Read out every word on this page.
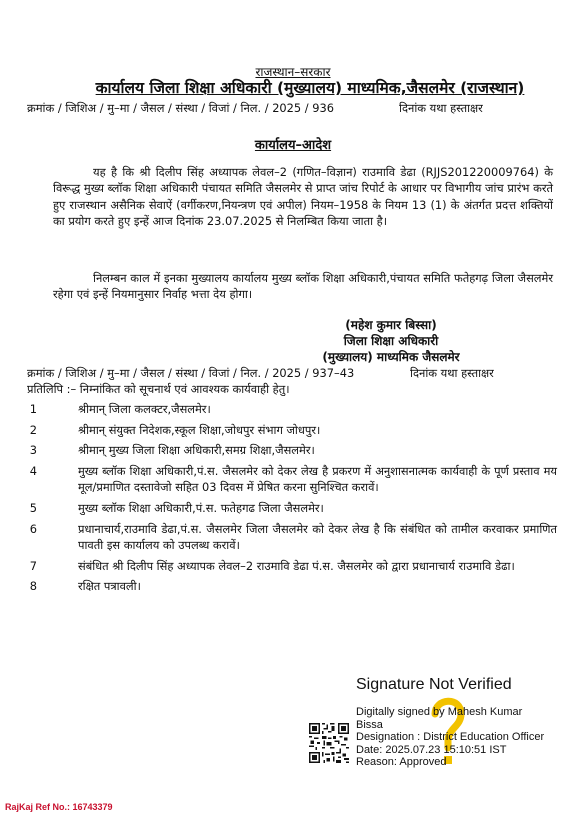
राजस्थान–सरकार
कार्यालय जिला शिक्षा अधिकारी (मुख्यालय) माध्यमिक,जैसलमेर (राजस्थान)
क्रमांक / जिशिअ / मु–मा / जैसल / संस्था / विजां / निल. / 2025 / 936	दिनांक यथा हस्ताक्षर
कार्यालय–आदेश
यह है कि श्री दिलीप सिंह अध्यापक लेवल–2 (गणित–विज्ञान) राउमावि डेढा (RJJS201220009764) के विरूद्ध मुख्य ब्लॉक शिक्षा अधिकारी पंचायत समिति जैसलमेर से प्राप्त जांच रिपोर्ट के आधार पर विभागीय जांच प्रारंभ करते हुए राजस्थान असैनिक सेवाऐं (वर्गीकरण,नियन्त्रण एवं अपील) नियम–1958 के नियम 13 (1) के अंतर्गत प्रदत्त शक्तियों का प्रयोग करते हुए इन्हें आज दिनांक 23.07.2025 से निलम्बित किया जाता है।
निलम्बन काल में इनका मुख्यालय कार्यालय मुख्य ब्लॉक शिक्षा अधिकारी,पंचायत समिति फतेहगढ़ जिला जैसलमेर रहेगा एवं इन्हें नियमानुसार निर्वाह भत्ता देय होगा।
(महेश कुमार बिस्सा)
जिला शिक्षा अधिकारी
(मुख्यालय) माध्यमिक जैसलमेर
क्रमांक / जिशिअ / मु–मा / जैसल / संस्था / विजां / निल. / 2025 / 937–43	दिनांक यथा हस्ताक्षर
प्रतिलिपि :– निम्नांकित को सूचनार्थ एवं आवश्यक कार्यवाही हेतु।
1	श्रीमान् जिला कलक्टर,जैसलमेर।
2	श्रीमान् संयुक्त निदेशक,स्कूल शिक्षा,जोधपुर संभाग जोधपुर।
3	श्रीमान् मुख्य जिला शिक्षा अधिकारी,समग्र शिक्षा,जैसलमेर।
4	मुख्य ब्लॉक शिक्षा अधिकारी,पं.स. जैसलमेर को देकर लेख है प्रकरण में अनुशासनात्मक कार्यवाही के पूर्ण प्रस्ताव मय मूल/प्रमाणित दस्तावेजो सहित 03 दिवस में प्रेषित करना सुनिश्चित करावें।
5	मुख्य ब्लॉक शिक्षा अधिकारी,पं.स. फतेहगढ जिला जैसलमेर।
6	प्रधानाचार्य,राउमावि डेढा,पं.स. जैसलमेर जिला जैसलमेर को देकर लेख है कि संबंधित को तामील करवाकर प्रमाणित पावती इस कार्यालय को उपलब्ध करावें।
7	संबंधित श्री दिलीप सिंह अध्यापक लेवल–2 राउमावि डेढा पं.स. जैसलमेर को द्वारा प्रधानाचार्य राउमावि डेढा।
8	रक्षित पत्रावली।
Signature Not Verified
Digitally signed by Mahesh Kumar Bissa
Designation : District Education Officer
Date: 2025.07.23 15:10:51 IST
Reason: Approved
RajKaj Ref No.: 16743379
